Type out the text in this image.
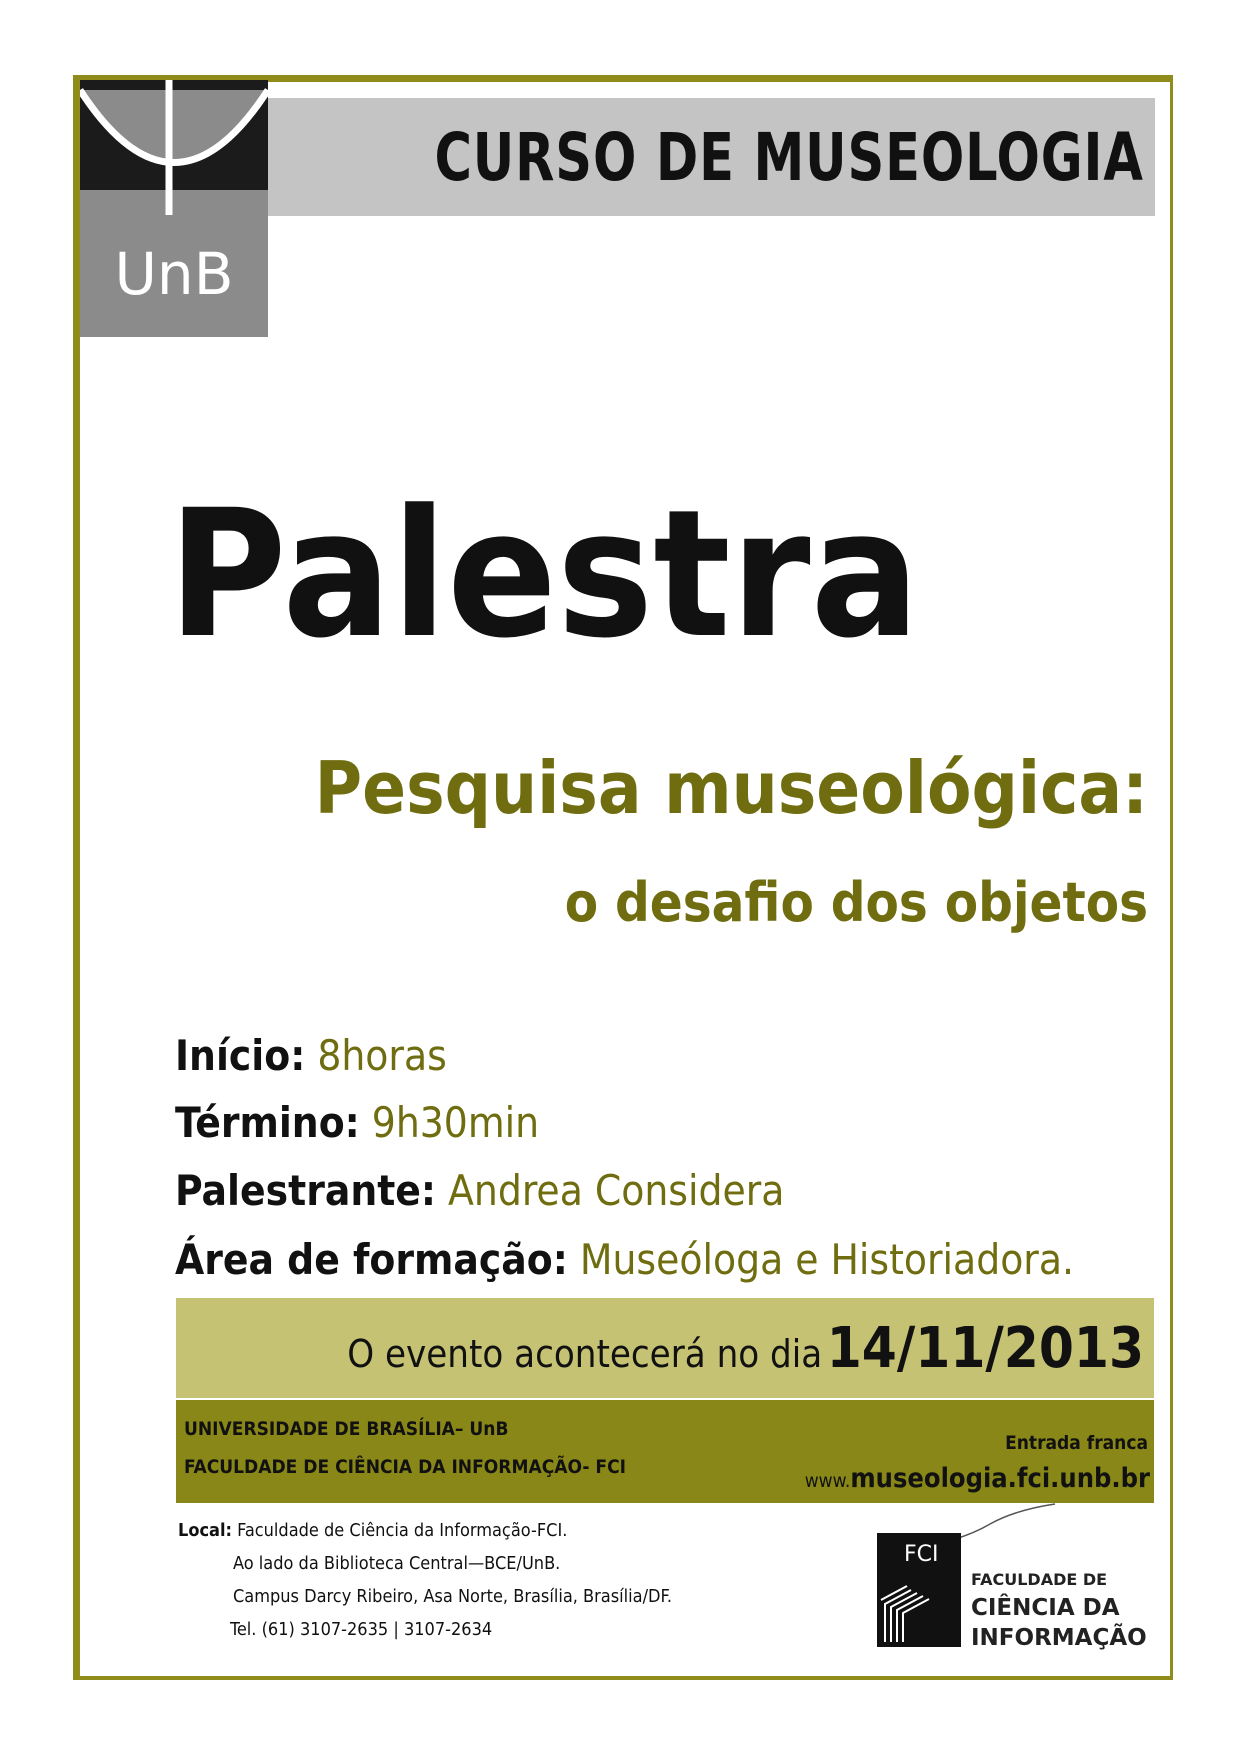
UnB
CURSO DE MUSEOLOGIA
Palestra
Pesquisa museológica:
o desafio dos objetos
Início: 8horas
Término: 9h30min
Palestrante: Andrea Considera
Área de formação: Museóloga e Historiadora.
O evento acontecerá no dia 14/11/2013
UNIVERSIDADE DE BRASÍLIA– UnB
FACULDADE DE CIÊNCIA DA INFORMAÇÃO- FCI
Entrada franca
www.museologia.fci.unb.br
Local: Faculdade de Ciência da Informação-FCI.
Ao lado da Biblioteca Central—BCE/UnB.
Campus Darcy Ribeiro, Asa Norte, Brasília, Brasília/DF.
Tel. (61) 3107-2635 | 3107-2634
FCI
FACULDADE DE
CIÊNCIA DA
INFORMAÇÃO
